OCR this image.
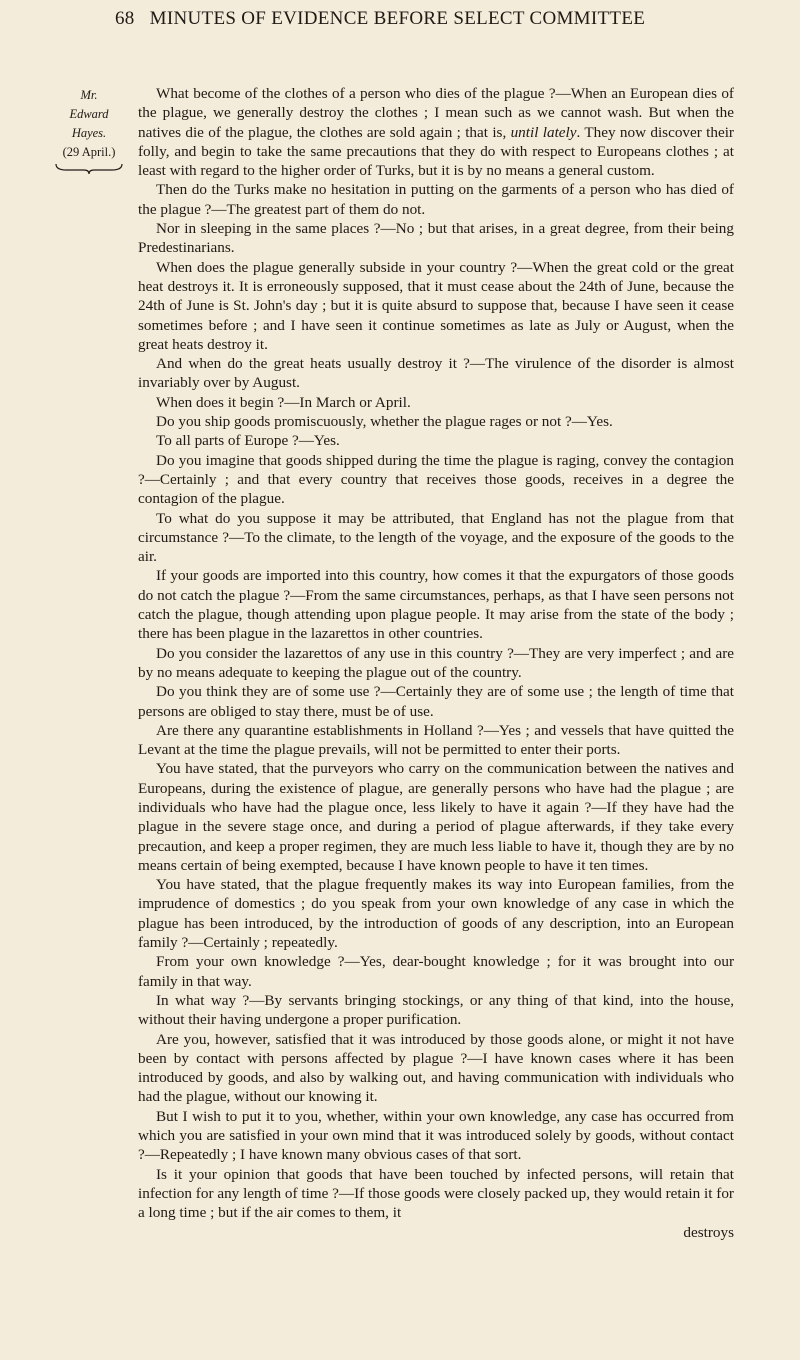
68 MINUTES OF EVIDENCE BEFORE SELECT COMMITTEE
Mr.
Edward Hayes.
(29 April.)

What become of the clothes of a person who dies of the plague ?—When an European dies of the plague, we generally destroy the clothes ; I mean such as we cannot wash. But when the natives die of the plague, the clothes are sold again ; that is, until lately. They now discover their folly, and begin to take the same precautions that they do with respect to Europeans clothes ; at least with regard to the higher order of Turks, but it is by no means a general custom.

Then do the Turks make no hesitation in putting on the garments of a person who has died of the plague ?—The greatest part of them do not.

Nor in sleeping in the same places ?—No ; but that arises, in a great degree, from their being Predestinarians.

When does the plague generally subside in your country ?—When the great cold or the great heat destroys it. It is erroneously supposed, that it must cease about the 24th of June, because the 24th of June is St. John's day ; but it is quite absurd to suppose that, because I have seen it cease sometimes before ; and I have seen it continue sometimes as late as July or August, when the great heats destroy it.

And when do the great heats usually destroy it ?—The virulence of the disorder is almost invariably over by August.

When does it begin ?—In March or April.

Do you ship goods promiscuously, whether the plague rages or not ?—Yes.

To all parts of Europe ?—Yes.

Do you imagine that goods shipped during the time the plague is raging, convey the contagion ?—Certainly ; and that every country that receives those goods, receives in a degree the contagion of the plague.

To what do you suppose it may be attributed, that England has not the plague from that circumstance ?—To the climate, to the length of the voyage, and the exposure of the goods to the air.

If your goods are imported into this country, how comes it that the expurgators of those goods do not catch the plague ?—From the same circumstances, perhaps, as that I have seen persons not catch the plague, though attending upon plague people. It may arise from the state of the body ; there has been plague in the lazarettos in other countries.

Do you consider the lazarettos of any use in this country ?—They are very imperfect ; and are by no means adequate to keeping the plague out of the country.

Do you think they are of some use ?—Certainly they are of some use ; the length of time that persons are obliged to stay there, must be of use.

Are there any quarantine establishments in Holland ?—Yes ; and vessels that have quitted the Levant at the time the plague prevails, will not be permitted to enter their ports.

You have stated, that the purveyors who carry on the communication between the natives and Europeans, during the existence of plague, are generally persons who have had the plague ; are individuals who have had the plague once, less likely to have it again ?—If they have had the plague in the severe stage once, and during a period of plague afterwards, if they take every precaution, and keep a proper regimen, they are much less liable to have it, though they are by no means certain of being exempted, because I have known people to have it ten times.

You have stated, that the plague frequently makes its way into European families, from the imprudence of domestics ; do you speak from your own knowledge of any case in which the plague has been introduced, by the introduction of goods of any description, into an European family ?—Certainly ; repeatedly.

From your own knowledge ?—Yes, dear-bought knowledge ; for it was brought into our family in that way.

In what way ?—By servants bringing stockings, or any thing of that kind, into the house, without their having undergone a proper purification.

Are you, however, satisfied that it was introduced by those goods alone, or might it not have been by contact with persons affected by plague ?—I have known cases where it has been introduced by goods, and also by walking out, and having communication with individuals who had the plague, without our knowing it.

But I wish to put it to you, whether, within your own knowledge, any case has occurred from which you are satisfied in your own mind that it was introduced solely by goods, without contact ?—Repeatedly ; I have known many obvious cases of that sort.

Is it your opinion that goods that have been touched by infected persons, will retain that infection for any length of time ?—If those goods were closely packed up, they would retain it for a long time ; but if the air comes to them, it

destroys
